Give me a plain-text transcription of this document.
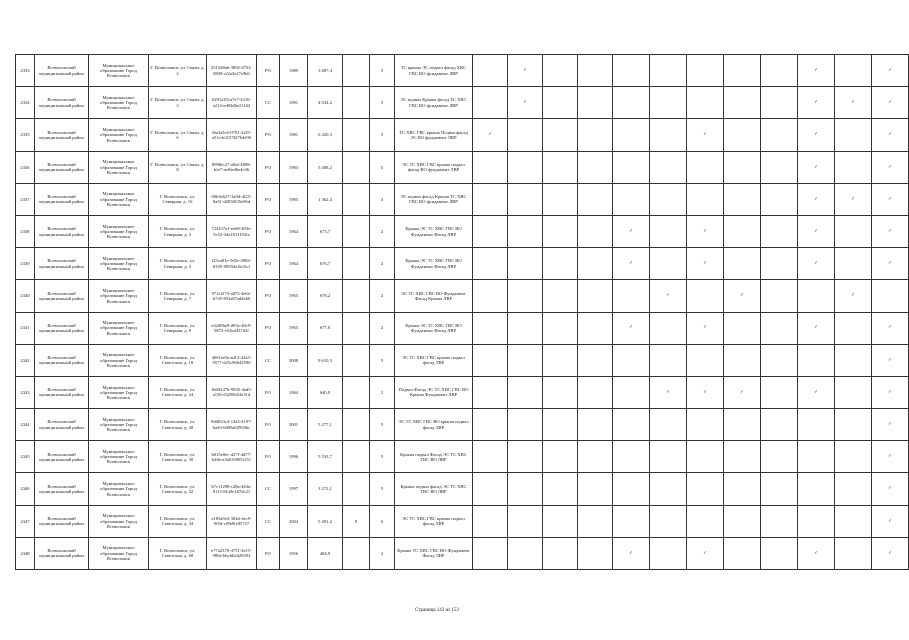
2333	Всеволожский муниципальный район	Муниципальное образование Город Всеволожск	Г. Всеволожск, ул. Связи, д. 2	2515d8ab-3892-4752-8838-cf2a3e27e9b6	РО	1989	3 687,4		5	ТС крыша ЭС подвал фасад ХВС ГВС ВО фундамент ЛВР		✓								✓		✓
2334	Всеволожский муниципальный район	Муниципальное образование Город Всеволожск	Г. Всеволожск, ул. Связи, д. 3	6291a351a7e7-4210-a212-ed03d6e21162	СС	1991	4 034,2		5	ЭС подвал Крыша фасад ТС ХВС ГВС ВО фундамент ЛВР		✓								✓	✓	✓
2335	Всеволожский муниципальный район	Муниципальное образование Город Всеволожск	Г. Всеволожск, ул. Связи, д. 6	f6a3a5c6-0781-42f5-a51e-b31576f764e96	РО	1981	6 420,3		5	ТС ХВС ГВС крыша Подвал фасад ЭС ВО фундамент ЛВР	✓						✓			✓		✓
2336	Всеволожский муниципальный район	Муниципальное образование Город Всеволожск	Г. Всеволожск, ул. Связи, д. 8	8996fc27-a0af-4808-bfe7-aef6ed6e4e36	РО	1983	5 408,2		5	ЭС ТС ХВС ГВС крыша подвал фасад ВО фундамент ЛВР										✓		✓
2337	Всеволожский муниципальный район	Муниципальное образование Город Всеволожск	Г. Всеволожск, ул. Северная, д. 16	69b3e627-3a9d-4f25-8a51-d2050f35e96d	РО	1985	1 362,4		3	ЭС подвал фасад Крыша ТС ХВС ГВС ВО фундамент ЛВР										✓	✓	✓
2338	Всеволожский муниципальный район	Муниципальное образование Город Всеволожск	Г. Всеволожск, ул. Северная, д. 3	723437a1-ee68-403e-9c53-34e1811183fa	РО	1964	673,7		2	Крыша ЭС ТС ХВС ГВС ВО Фундамент Фасад ЛВР					✓		✓			✓		✓
2339	Всеволожский муниципальный район	Муниципальное образование Город Всеволожск	Г. Всеволожск, ул. Северная, д. 5	f23ca81e-5d5e-4983-8105-09594e2b15cf	РО	1964	676,7		2	Крыша ЭС ТС ХВС ГВС ВО Фундамент Фасад ЛВР					✓		✓			✓		✓
2340	Всеволожский муниципальный район	Муниципальное образование Город Всеволожск	Г. Всеволожск, ул. Северная, д. 7	972cf273-a873-4e6e-b7d5-853a87ad4eb0	РО	1965	678,2		2	ЭС ТС ХВС ГВС ВО Фундамент Фасад Крыша ЛВР						✓		✓			✓	
2341	Всеволожский муниципальный район	Муниципальное образование Город Всеволожск	Г. Всеволожск, ул. Северная, д. 9	e42d96e9-d93e-40c9-9672-e54e4437d2f	РО	1965	677,0		2	Крыша ЭС ТС ХВС ГВС ВО Фундамент Фасад ЛВР					✓		✓			✓		✓
2342	Всеволожский муниципальный район	Муниципальное образование Город Всеволожск	Г. Всеволожск, ул. Советская, д. 18	4061fe0a-ad13-42a5-9577-d25c96642590	СС	2008	9 610,3		5	ЭС ТС ХВС ГВС крыша подвал фасад ЛВР												✓
2343	Всеволожский муниципальный район	Муниципальное образование Город Всеволожск	Г. Всеволожск, ул. Советская, д. 24	1b69247b-9935-4ad5-a156-d3298a52e31d	РО	1964	640,9		2	Подвал Фасад ЭС ТС ХВС ГВС ВО Крыша Фундамент ЛВР						✓	✓	✓		✓		✓
2344	Всеволожский муниципальный район	Муниципальное образование Город Всеволожск	Г. Всеволожск, ул. Советская, д. 28	8dd033c4-14a5-4197-bad3-0d09a02950bc	РО	2001	5 277,1		5	ЭС ТС ХВС ГВС ВО крыша подвал фасад ЛВР												✓
2345	Всеволожский муниципальный район	Муниципальное образование Город Всеволожск	Г. Всеволожск, ул. Советская, д. 30	b015e0ec-d27f-4d77-b40e-a3a6330051f51	РО	1996	5 533,7		5	Крыша подвал Фасад ЭС ТС ХВС ГВС ВО ЛВР												✓
2346	Всеволожский муниципальный район	Муниципальное образование Город Всеволожск	Г. Всеволожск, ул. Советская, д. 32	67c11298-c28a-443a-8115-81a9e167dc21	СС	1997	3 272,1		5	Крыша подвал фасад ЭС ТС ХВС ГВС ВО ЛВР												✓
2347	Всеволожский муниципальный район	Муниципальное образование Город Всеволожск	Г. Всеволожск, ул. Советская, д. 34	e183a9e4-304d-4ec9-9f5d-cf9b9fe05727	СС	2004	5 491,2	0	6	ЭС ТС ХВС ГВС крыша подвал фасад ЛВР												✓
2348	Всеволожский муниципальный район	Муниципальное образование Город Всеволожск	Г. Всеволожск, ул. Советская, д. 68	e77a2370-4751-4e15-980a-bbc6b2d29502	РО	1956	484,9		2	Крыша ТС ХВС ГВС ВО Фундамент Фасад ЛВР					✓		✓			✓		✓
Страница 143 из 153
